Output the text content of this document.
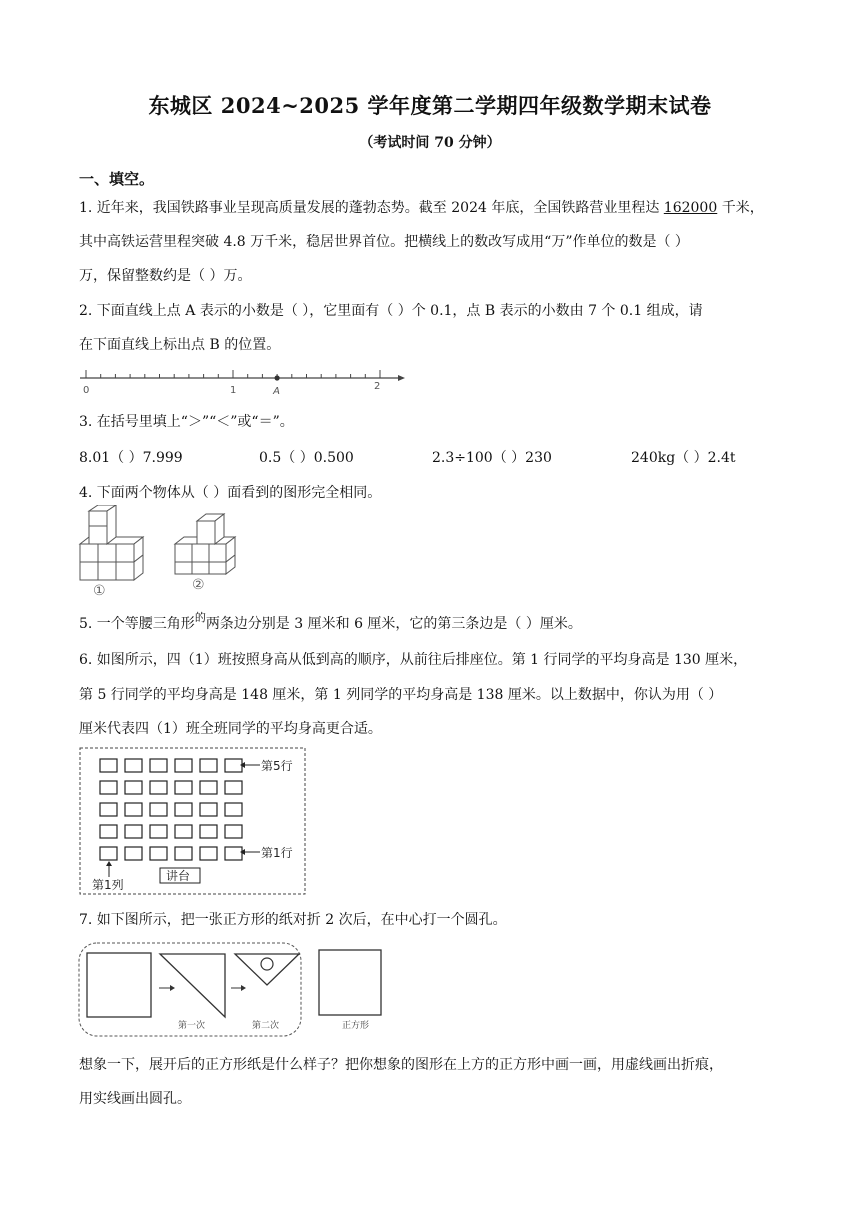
东城区 2024~2025 学年度第二学期四年级数学期末试卷
（考试时间 70 分钟）
一、填空。
1. 近年来，我国铁路事业呈现高质量发展的蓬勃态势。截至 2024 年底，全国铁路营业里程达 162000 千米，
其中高铁运营里程突破 4.8 万千米，稳居世界首位。把横线上的数改写成用“万”作单位的数是（ ）
万，保留整数约是（ ）万。
2. 下面直线上点 A 表示的小数是（ ），它里面有（ ）个 0.1，点 B 表示的小数由 7 个 0.1 组成，请
在下面直线上标出点 B 的位置。
0	1	A	2
3. 在括号里填上“＞”“＜”或“＝”。
8.01（ ）7.999	0.5（ ）0.500	2.3÷100（ ）230	240kg（ ）2.4t
4. 下面两个物体从（ ）面看到的图形完全相同。
①	②
5. 一个等腰三角形$^的$两条边分别是 3 厘米和 6 厘米，它的第三条边是（ ）厘米。
6. 如图所示，四（1）班按照身高从低到高的顺序，从前往后排座位。第 1 行同学的平均身高是 130 厘米，
第 5 行同学的平均身高是 148 厘米，第 1 列同学的平均身高是 138 厘米。以上数据中，你认为用（ ）
厘米代表四（1）班全班同学的平均身高更合适。
第5行
第1行
第1列
讲台
7. 如下图所示，把一张正方形的纸对折 2 次后，在中心打一个圆孔。
第一次	第二次	正方形
想象一下，展开后的正方形纸是什么样子？把你想象的图形在上方的正方形中画一画，用虚线画出折痕，
用实线画出圆孔。
